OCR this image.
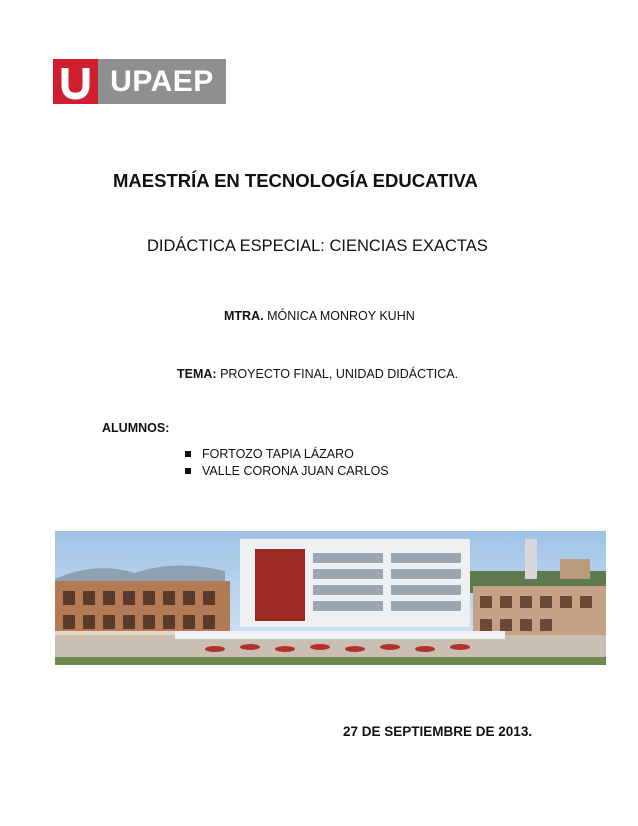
UPAEP
MAESTRÍA EN TECNOLOGÍA EDUCATIVA
DIDÁCTICA ESPECIAL: CIENCIAS EXACTAS
MTRA. MÓNICA MONROY KUHN
TEMA: PROYECTO FINAL, UNIDAD DIDÁCTICA.
ALUMNOS:
FORTOZO TAPIA LÁZARO
VALLE CORONA JUAN CARLOS
27 DE SEPTIEMBRE DE 2013.
